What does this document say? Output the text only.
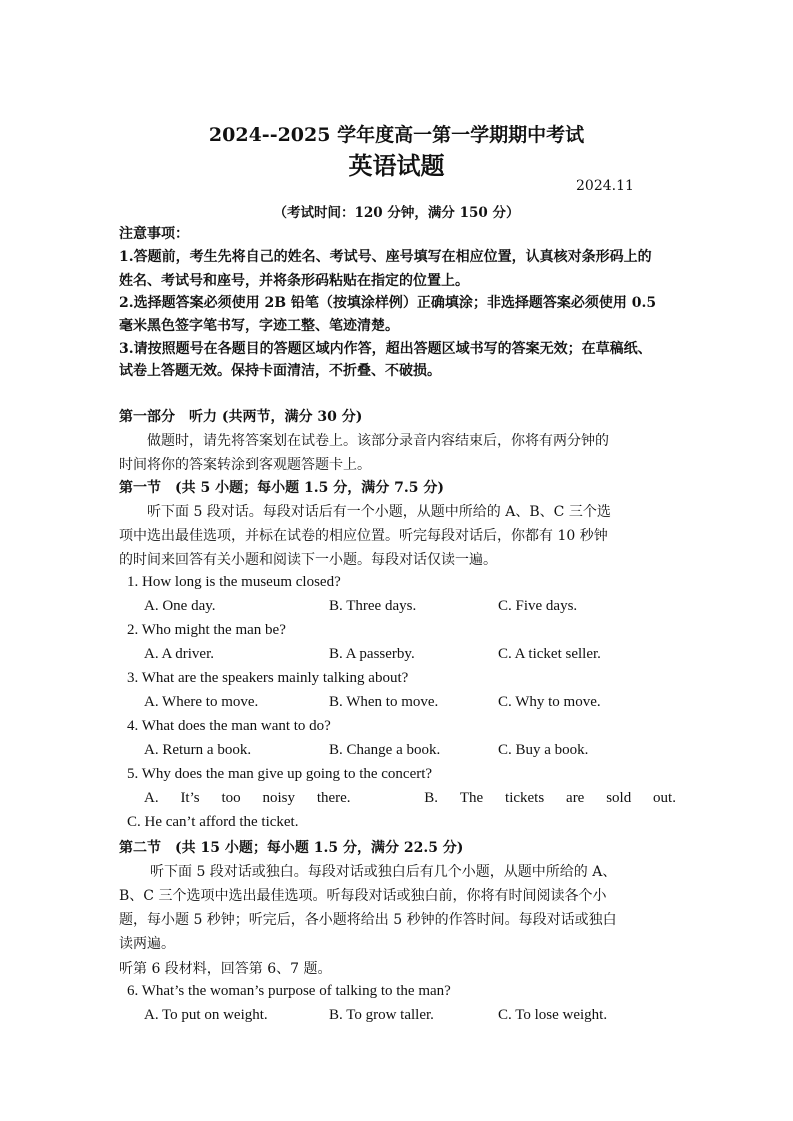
2024--2025 学年度高一第一学期期中考试
英语试题
2024.11
（考试时间：120 分钟，满分 150 分）
注意事项：
1.答题前，考生先将自己的姓名、考试号、座号填写在相应位置，认真核对条形码上的
姓名、考试号和座号，并将条形码粘贴在指定的位置上。
2.选择题答案必须使用 2B 铅笔（按填涂样例）正确填涂；非选择题答案必须使用 0.5
毫米黑色签字笔书写，字迹工整、笔迹清楚。
3.请按照题号在各题目的答题区域内作答，超出答题区域书写的答案无效；在草稿纸、
试卷上答题无效。保持卡面清洁，不折叠、不破损。
第一部分　听力 (共两节，满分 30 分)
做题时，请先将答案划在试卷上。该部分录音内容结束后，你将有两分钟的
时间将你的答案转涂到客观题答题卡上。
第一节　(共 5 小题；每小题 1.5 分，满分 7.5 分)
听下面 5 段对话。每段对话后有一个小题，从题中所给的 A、B、C 三个选
项中选出最佳选项，并标在试卷的相应位置。听完每段对话后，你都有 10 秒钟
的时间来回答有关小题和阅读下一小题。每段对话仅读一遍。
1. How long is the museum closed?
A. One day.	B. Three days.	C. Five days.
2. Who might the man be?
A. A driver.	B. A passerby.	C. A ticket seller.
3. What are the speakers mainly talking about?
A. Where to move.	B. When to move.	C. Why to move.
4. What does the man want to do?
A. Return a book.	B. Change a book.	C. Buy a book.
5. Why does the man give up going to the concert?
A. It’s too noisy there.	B. The tickets are sold out.
C. He can’t afford the ticket.
第二节　(共 15 小题；每小题 1.5 分，满分 22.5 分)
听下面 5 段对话或独白。每段对话或独白后有几个小题，从题中所给的 A、
B、C 三个选项中选出最佳选项。听每段对话或独白前，你将有时间阅读各个小
题，每小题 5 秒钟；听完后，各小题将给出 5 秒钟的作答时间。每段对话或独白
读两遍。
听第 6 段材料，回答第 6、7 题。
6. What’s the woman’s purpose of talking to the man?
A. To put on weight.	B. To grow taller.	C. To lose weight.
